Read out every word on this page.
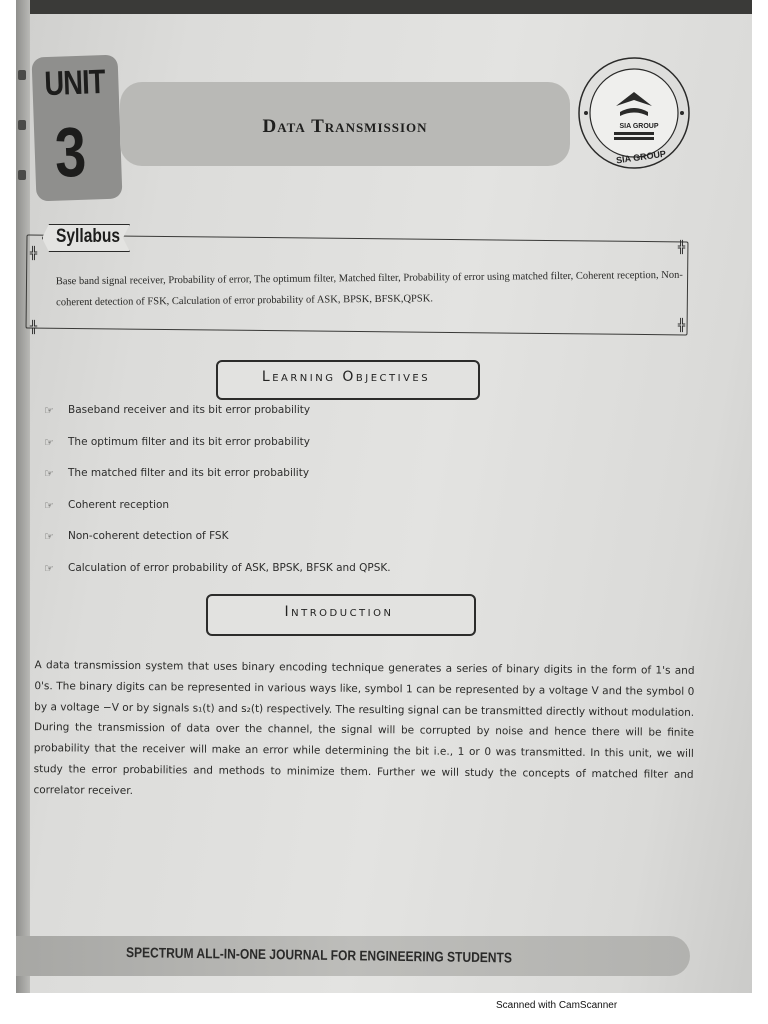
UNIT
3	Data Transmission	SIA GROUP
SIA GROUP
╬	╬
╬	╬
Syllabus
Base band signal receiver, Probability of error, The optimum filter, Matched filter, Probability of error using matched filter, Coherent reception, Non-coherent detection of FSK, Calculation of error probability of ASK, BPSK, BFSK,QPSK.
Learning Objectives
☞ Baseband receiver and its bit error probability
☞ The optimum filter and its bit error probability
☞ The matched filter and its bit error probability
☞ Coherent reception
☞ Non-coherent detection of FSK
☞ Calculation of error probability of ASK, BPSK, BFSK and QPSK.
Introduction
A data transmission system that uses binary encoding technique generates a series of binary digits in the form of 1's and 0's. The binary digits can be represented in various ways like, symbol 1 can be represented by a voltage V and the symbol 0 by a voltage −V or by signals s₁(t) and s₂(t) respectively. The resulting signal can be transmitted directly without modulation. During the transmission of data over the channel, the signal will be corrupted by noise and hence there will be finite probability that the receiver will make an error while determining the bit i.e., 1 or 0 was transmitted. In this unit, we will study the error probabilities and methods to minimize them. Further we will study the concepts of matched filter and correlator receiver.
SPECTRUM ALL-IN-ONE JOURNAL FOR ENGINEERING STUDENTS
Scanned with CamScanner
